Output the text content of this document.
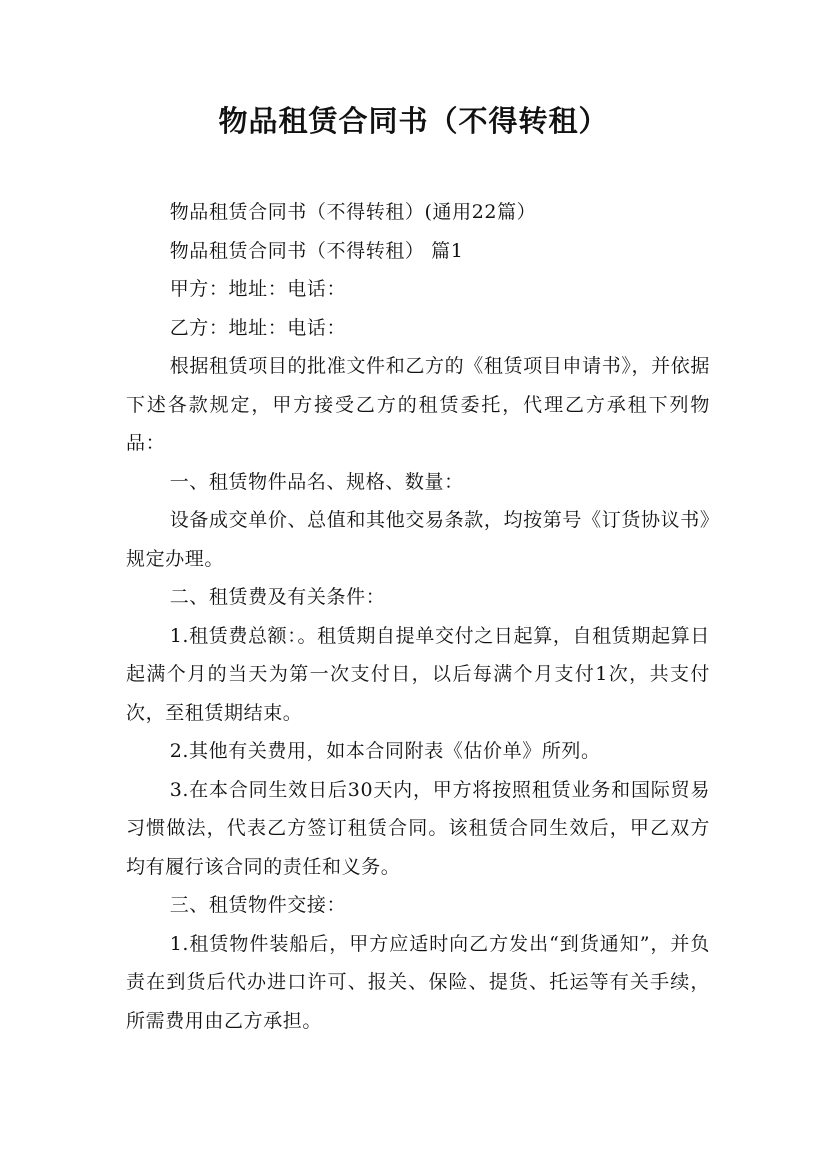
物品租赁合同书（不得转租）

物品租赁合同书（不得转租）(通用22篇）

物品租赁合同书（不得转租） 篇1

甲方：地址：电话：

乙方：地址：电话：

根据租赁项目的批准文件和乙方的《租赁项目申请书》，并依据下述各款规定，甲方接受乙方的租赁委托，代理乙方承租下列物品：

一、租赁物件品名、规格、数量：

设备成交单价、总值和其他交易条款，均按第号《订货协议书》规定办理。

二、租赁费及有关条件：

1.租赁费总额：。租赁期自提单交付之日起算，自租赁期起算日起满个月的当天为第一次支付日，以后每满个月支付1次，共支付次，至租赁期结束。

2.其他有关费用，如本合同附表《估价单》所列。

3.在本合同生效日后30天内，甲方将按照租赁业务和国际贸易习惯做法，代表乙方签订租赁合同。该租赁合同生效后，甲乙双方均有履行该合同的责任和义务。

三、租赁物件交接：

1.租赁物件装船后，甲方应适时向乙方发出“到货通知”，并负责在到货后代办进口许可、报关、保险、提货、托运等有关手续，所需费用由乙方承担。
